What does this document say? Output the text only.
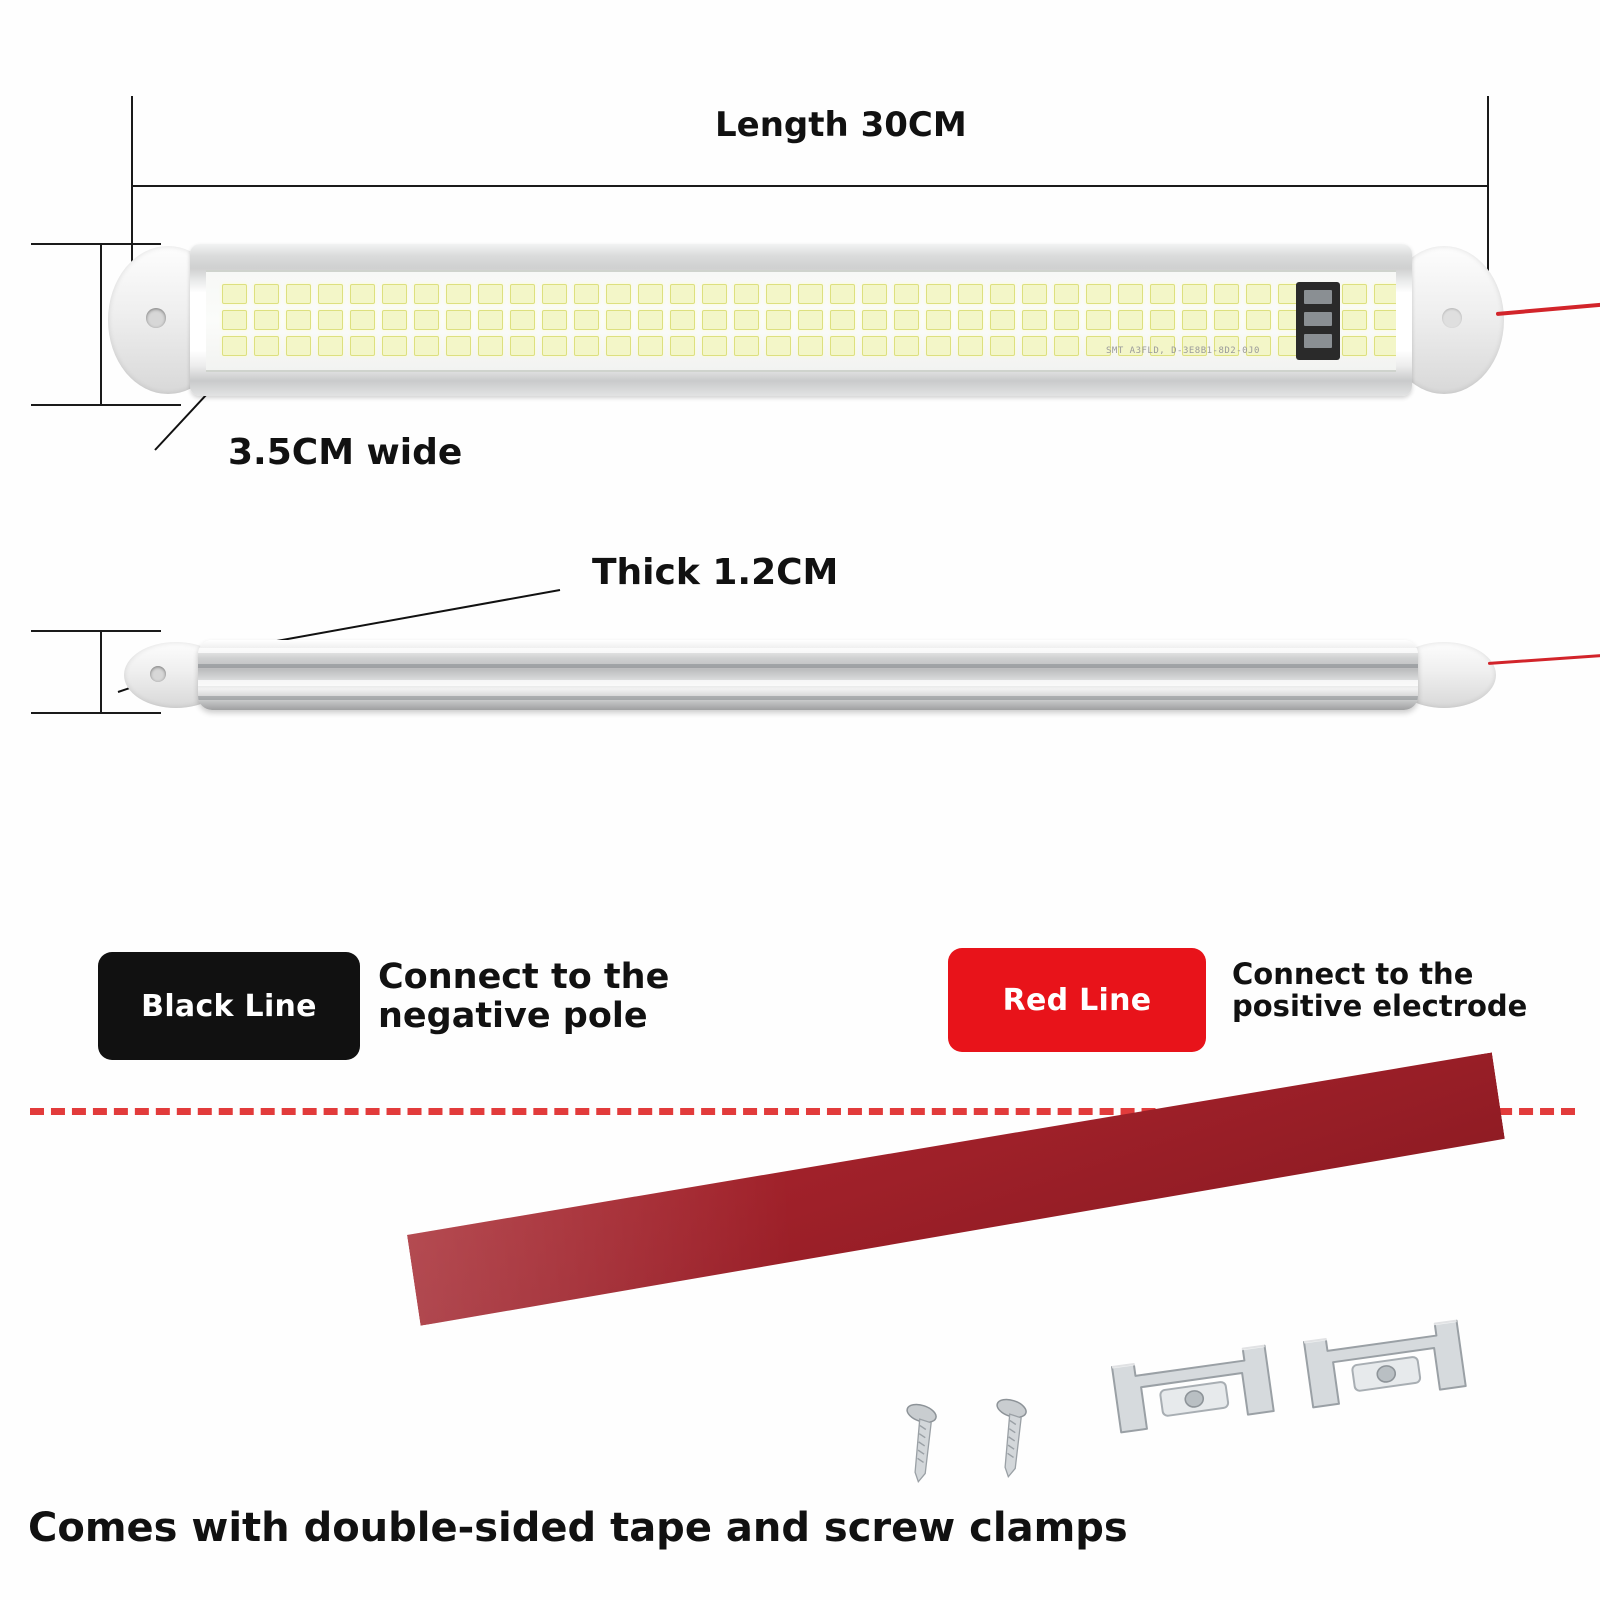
Length 30CM
3.5CM wide
SMT A3FLD, D-3E8B1-8D2-0J0
Thick 1.2CM
Black Line
Connect to the
negative pole	Red Line
Connect to the
positive electrode
Comes with double-sided tape and screw clamps
